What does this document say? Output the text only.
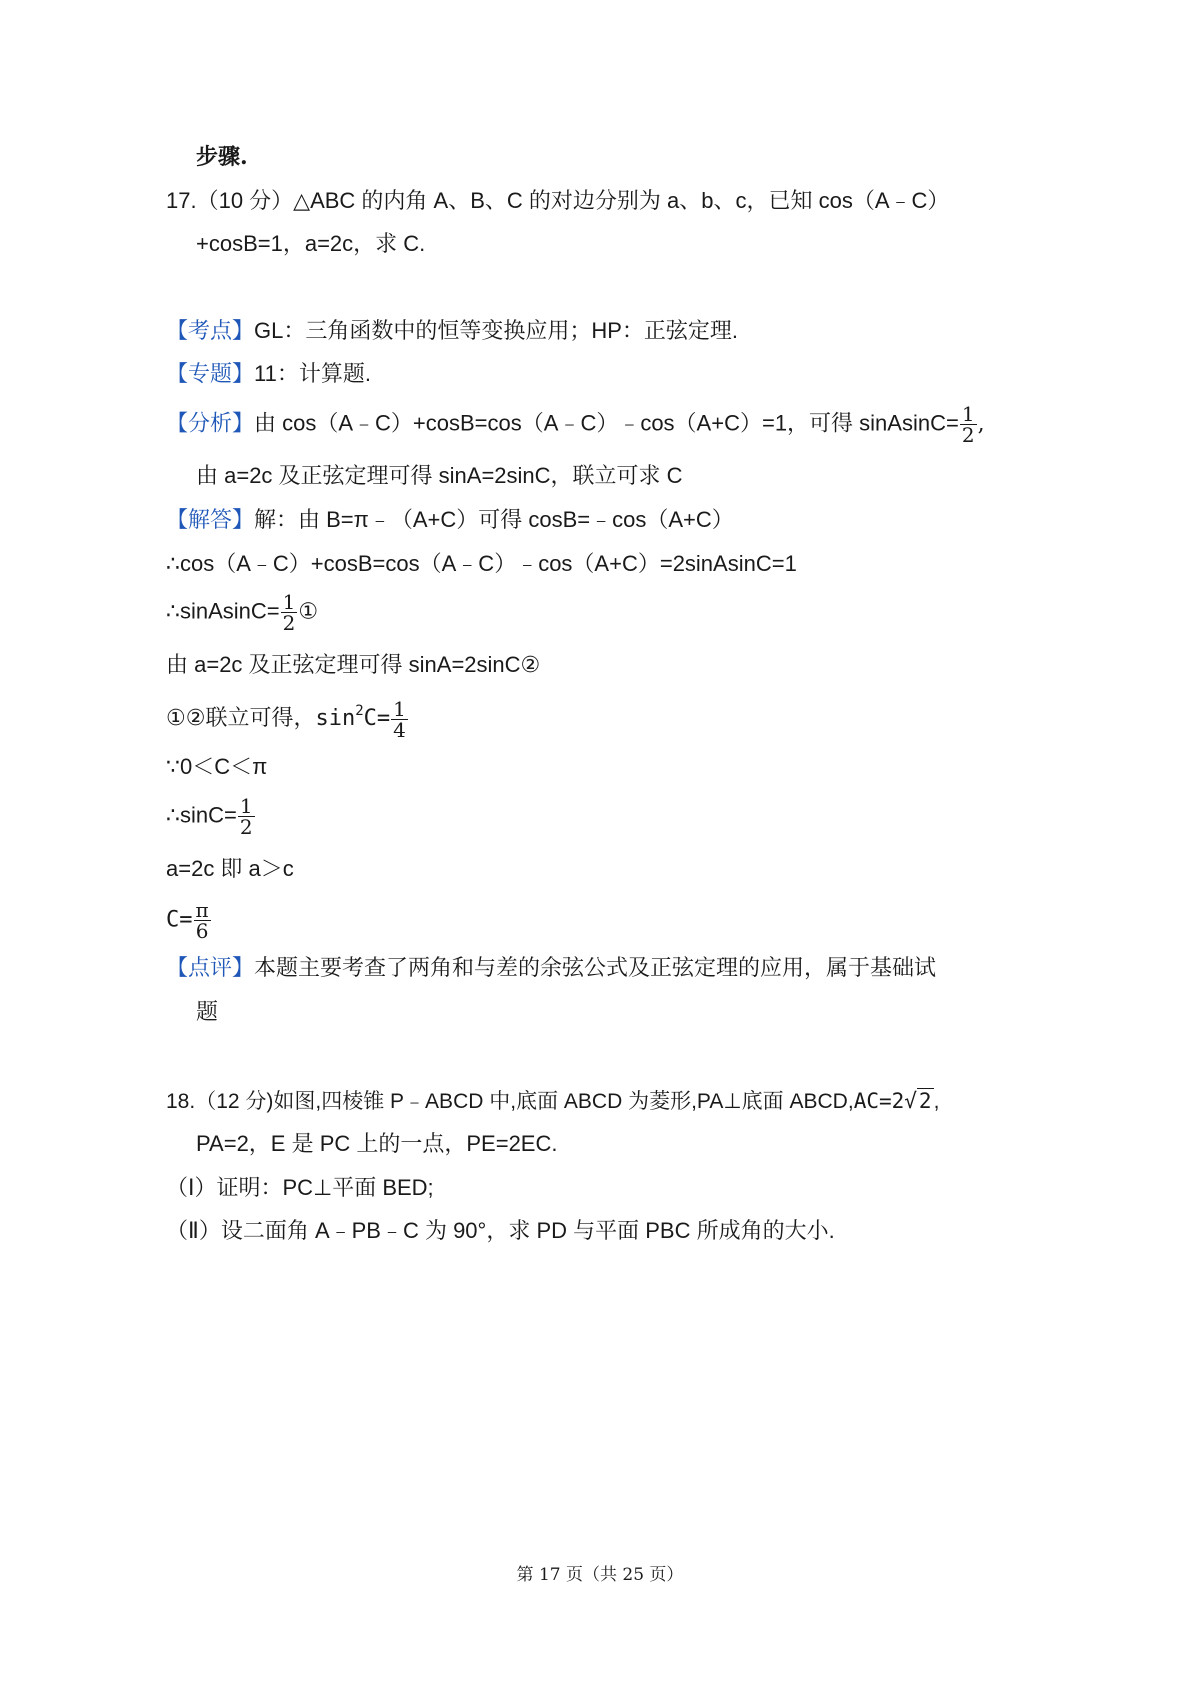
步骤.
17.（10 分）△ABC 的内角 A、B、C 的对边分别为 a、b、c，已知 cos（A﹣C）
+cosB=1，a=2c，求 C.
【考点】GL：三角函数中的恒等变换应用；HP：正弦定理.
【专题】11：计算题.
【分析】由 cos（A﹣C）+cosB=cos（A﹣C）﹣cos（A+C）=1，可得 sinAsinC= $\frac{1}{2}$ ,
由 a=2c 及正弦定理可得 sinA=2sinC，联立可求 C
【解答】解：由 B=π﹣（A+C）可得 cosB=﹣cos（A+C）
∴cos（A﹣C）+cosB=cos（A﹣C）﹣cos（A+C）=2sinAsinC=1
∴sinAsinC= $\frac{1}{2}$ ①
由 a=2c 及正弦定理可得 sinA=2sinC②
①②联立可得，$\sin^2C= \frac{1}{4}$
∵0＜C＜π
∴sinC= $\frac{1}{2}$
a=2c 即 a＞c
$C= \frac{\pi}{6}$
【点评】本题主要考查了两角和与差的余弦公式及正弦定理的应用，属于基础试
题
18.（12 分)如图,四棱锥 P﹣ABCD 中,底面 ABCD 为菱形,PA⊥底面 ABCD,AC=2√2,
PA=2，E 是 PC 上的一点，PE=2EC.
（Ⅰ）证明：PC⊥平面 BED;
（Ⅱ）设二面角 A﹣PB﹣C 为 90°，求 PD 与平面 PBC 所成角的大小.
第 17 页（共 25 页）
